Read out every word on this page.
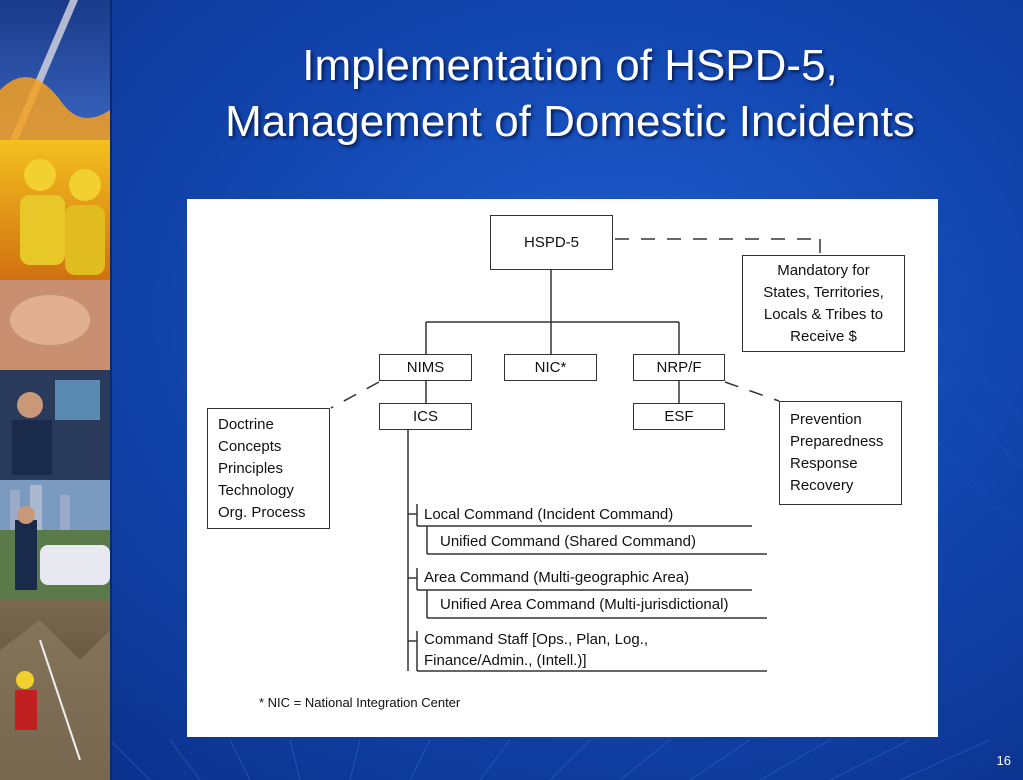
Implementation of HSPD-5,
Management of Domestic Incidents
HSPD-5
Mandatory for
States, Territories,
Locals & Tribes to
Receive $
NIMS	NIC*	NRP/F
ICS	ESF
Doctrine
Concepts
Principles
Technology
Org. Process
Prevention
Preparedness
Response
Recovery
Local Command (Incident Command)
Unified Command (Shared Command)
Area Command (Multi-geographic Area)
Unified Area Command (Multi-jurisdictional)
Command Staff [Ops., Plan, Log.,
Finance/Admin., (Intell.)]
* NIC = National Integration Center
16
